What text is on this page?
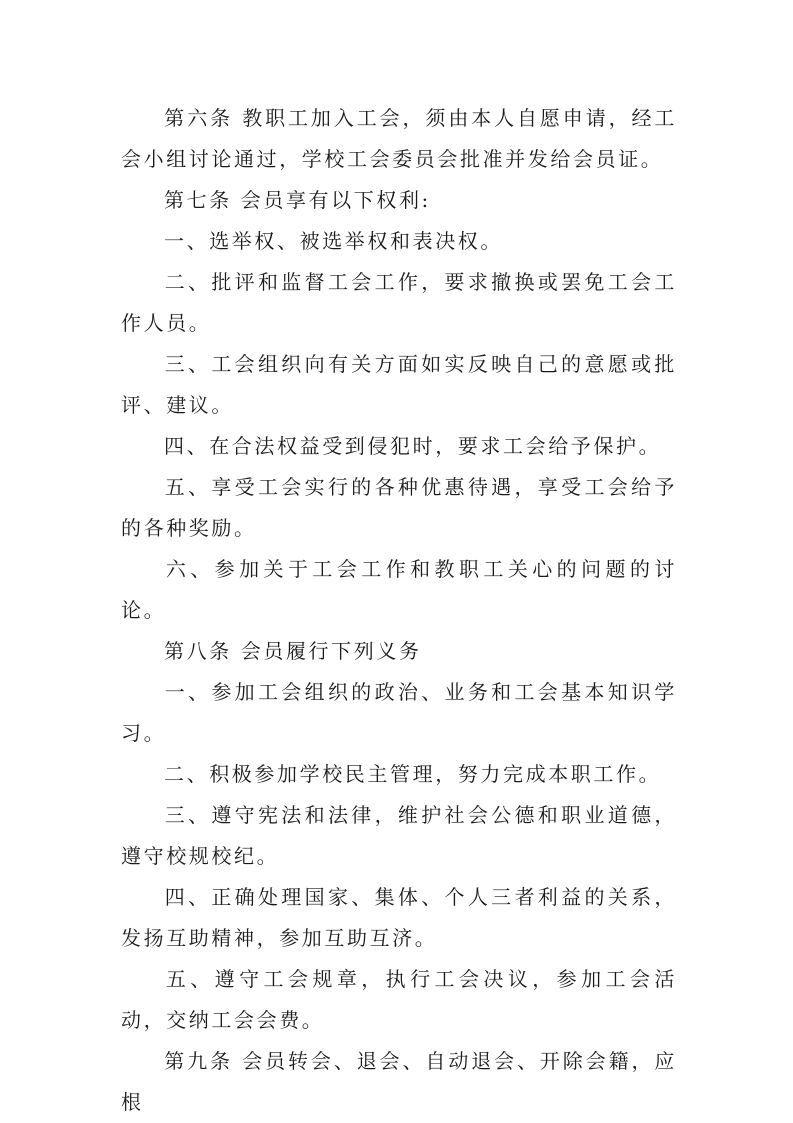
第六条 教职工加入工会，须由本人自愿申请，经工会小组讨论通过，学校工会委员会批准并发给会员证。

第七条 会员享有以下权利:

一、选举权、被选举权和表决权。

二、批评和监督工会工作，要求撤换或罢免工会工作人员。

三、工会组织向有关方面如实反映自己的意愿或批评、建议。

四、在合法权益受到侵犯时，要求工会给予保护。

五、享受工会实行的各种优惠待遇，享受工会给予的各种奖励。

六、参加关于工会工作和教职工关心的问题的讨论。

第八条 会员履行下列义务

一、参加工会组织的政治、业务和工会基本知识学习。

二、积极参加学校民主管理，努力完成本职工作。

三、遵守宪法和法律，维护社会公德和职业道德，遵守校规校纪。

四、正确处理国家、集体、个人三者利益的关系，发扬互助精神，参加互助互济。

五、遵守工会规章，执行工会决议，参加工会活动，交纳工会会费。

第九条 会员转会、退会、自动退会、开除会籍，应根
